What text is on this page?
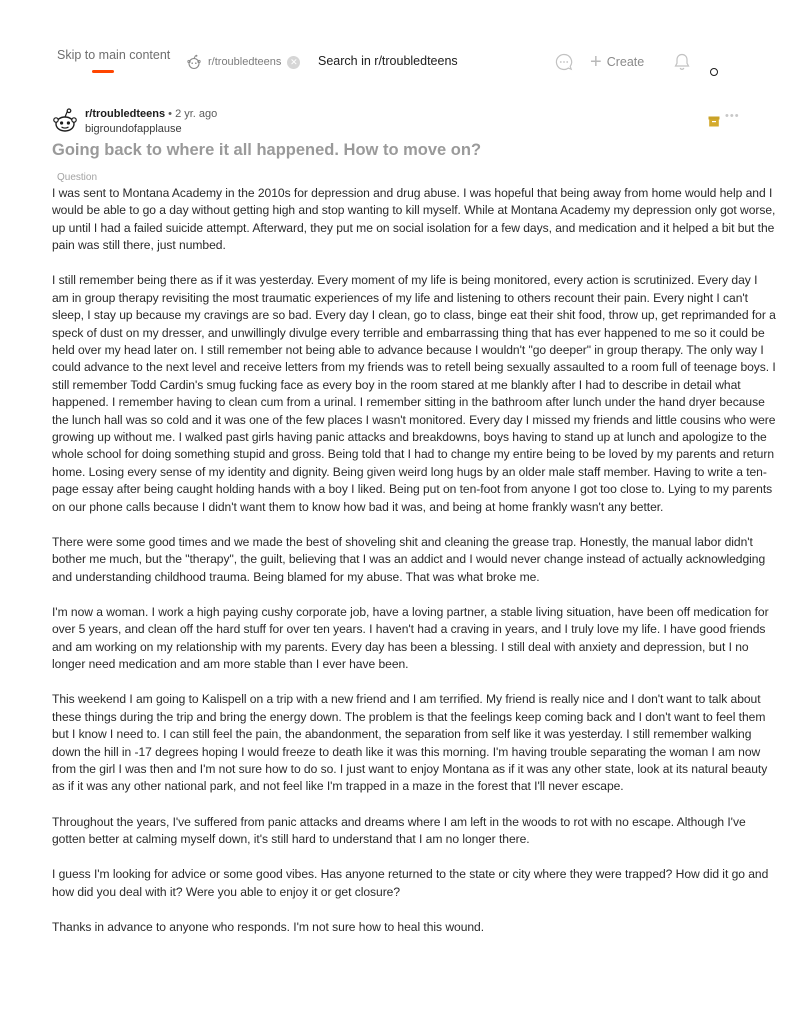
Skip to main content	r/troubledteens ✕ Search in r/troubledteens	+ Create
r/troubledteens • 2 yr. ago
bigroundofapplause
•••
Going back to where it all happened. How to move on?
Question

I was sent to Montana Academy in the 2010s for depression and drug abuse. I was hopeful that being away from home would help and I would be able to go a day without getting high and stop wanting to kill myself. While at Montana Academy my depression only got worse, up until I had a failed suicide attempt. Afterward, they put me on social isolation for a few days, and medication and it helped a bit but the pain was still there, just numbed.

I still remember being there as if it was yesterday. Every moment of my life is being monitored, every action is scrutinized. Every day I am in group therapy revisiting the most traumatic experiences of my life and listening to others recount their pain. Every night I can't sleep, I stay up because my cravings are so bad. Every day I clean, go to class, binge eat their shit food, throw up, get reprimanded for a speck of dust on my dresser, and unwillingly divulge every terrible and embarrassing thing that has ever happened to me so it could be held over my head later on. I still remember not being able to advance because I wouldn't "go deeper" in group therapy. The only way I could advance to the next level and receive letters from my friends was to retell being sexually assaulted to a room full of teenage boys. I still remember Todd Cardin's smug fucking face as every boy in the room stared at me blankly after I had to describe in detail what happened. I remember having to clean cum from a urinal. I remember sitting in the bathroom after lunch under the hand dryer because the lunch hall was so cold and it was one of the few places I wasn't monitored. Every day I missed my friends and little cousins who were growing up without me. I walked past girls having panic attacks and breakdowns, boys having to stand up at lunch and apologize to the whole school for doing something stupid and gross. Being told that I had to change my entire being to be loved by my parents and return home. Losing every sense of my identity and dignity. Being given weird long hugs by an older male staff member. Having to write a ten-page essay after being caught holding hands with a boy I liked. Being put on ten-foot from anyone I got too close to. Lying to my parents on our phone calls because I didn't want them to know how bad it was, and being at home frankly wasn't any better.

There were some good times and we made the best of shoveling shit and cleaning the grease trap. Honestly, the manual labor didn't bother me much, but the "therapy", the guilt, believing that I was an addict and I would never change instead of actually acknowledging and understanding childhood trauma. Being blamed for my abuse. That was what broke me.

I'm now a woman. I work a high paying cushy corporate job, have a loving partner, a stable living situation, have been off medication for over 5 years, and clean off the hard stuff for over ten years. I haven't had a craving in years, and I truly love my life. I have good friends and am working on my relationship with my parents. Every day has been a blessing. I still deal with anxiety and depression, but I no longer need medication and am more stable than I ever have been.

This weekend I am going to Kalispell on a trip with a new friend and I am terrified. My friend is really nice and I don't want to talk about these things during the trip and bring the energy down. The problem is that the feelings keep coming back and I don't want to feel them but I know I need to. I can still feel the pain, the abandonment, the separation from self like it was yesterday. I still remember walking down the hill in -17 degrees hoping I would freeze to death like it was this morning. I'm having trouble separating the woman I am now from the girl I was then and I'm not sure how to do so. I just want to enjoy Montana as if it was any other state, look at its natural beauty as if it was any other national park, and not feel like I'm trapped in a maze in the forest that I'll never escape.

Throughout the years, I've suffered from panic attacks and dreams where I am left in the woods to rot with no escape. Although I've gotten better at calming myself down, it's still hard to understand that I am no longer there.

I guess I'm looking for advice or some good vibes. Has anyone returned to the state or city where they were trapped? How did it go and how did you deal with it? Were you able to enjoy it or get closure?

Thanks in advance to anyone who responds. I'm not sure how to heal this wound.
